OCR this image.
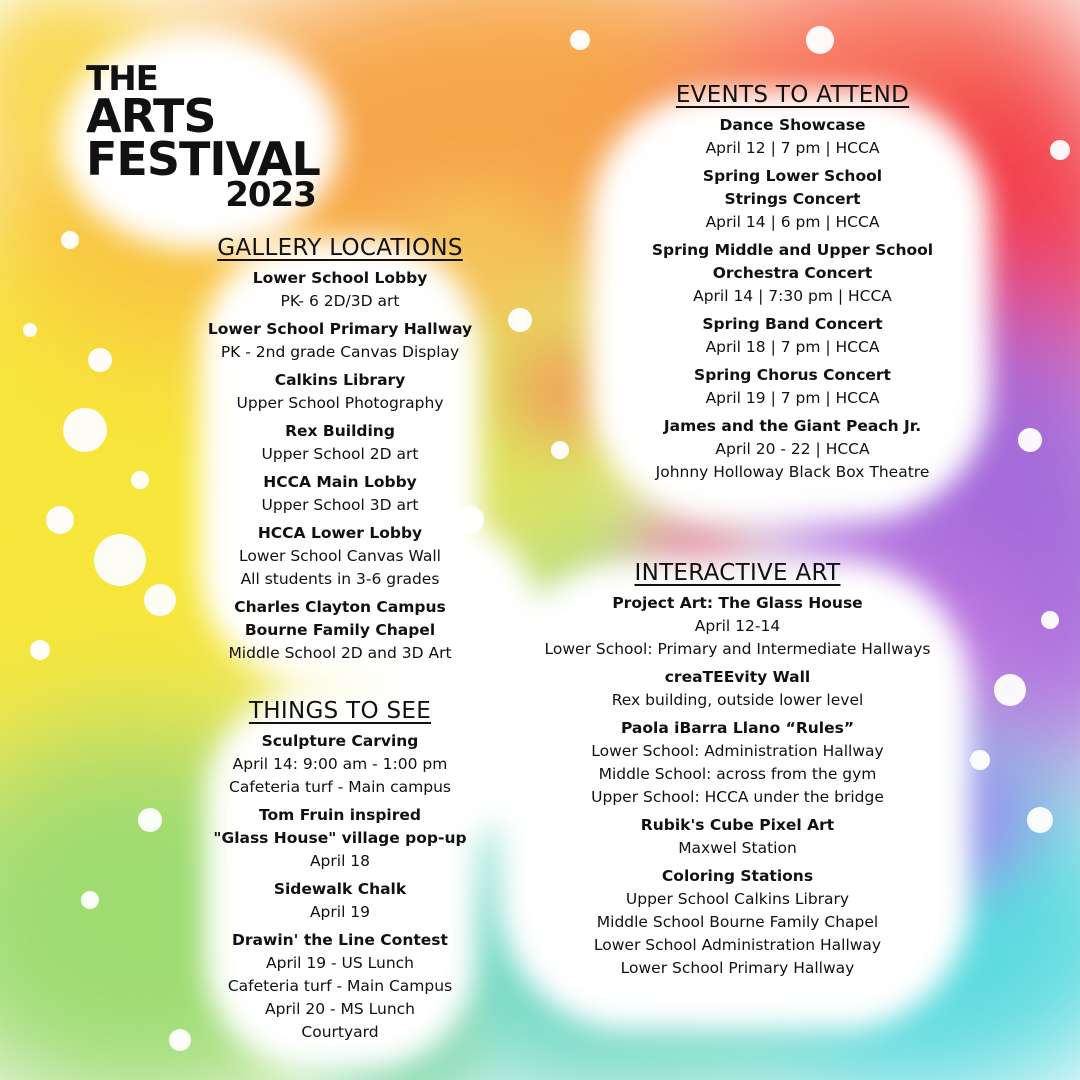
THE
ARTS
FESTIVAL
2023
GALLERY LOCATIONS
Lower School Lobby
PK- 6 2D/3D art
Lower School Primary Hallway
PK - 2nd grade Canvas Display
Calkins Library
Upper School Photography
Rex Building
Upper School 2D art
HCCA Main Lobby
Upper School 3D art
HCCA Lower Lobby
Lower School Canvas Wall
All students in 3-6 grades
Charles Clayton Campus
Bourne Family Chapel
Middle School 2D and 3D Art
THINGS TO SEE
Sculpture Carving
April 14: 9:00 am - 1:00 pm
Cafeteria turf - Main campus
Tom Fruin inspired
"Glass House" village pop-up
April 18
Sidewalk Chalk
April 19
Drawin' the Line Contest
April 19 - US Lunch
Cafeteria turf - Main Campus
April 20 - MS Lunch
Courtyard
EVENTS TO ATTEND
Dance Showcase
April 12 | 7 pm | HCCA
Spring Lower School
Strings Concert
April 14 | 6 pm | HCCA
Spring Middle and Upper School
Orchestra Concert
April 14 | 7:30 pm | HCCA
Spring Band Concert
April 18 | 7 pm | HCCA
Spring Chorus Concert
April 19 | 7 pm | HCCA
James and the Giant Peach Jr.
April 20 - 22 | HCCA
Johnny Holloway Black Box Theatre
INTERACTIVE ART
Project Art: The Glass House
April 12-14
Lower School: Primary and Intermediate Hallways
creaTEEvity Wall
Rex building, outside lower level
Paola iBarra Llano “Rules”
Lower School: Administration Hallway
Middle School: across from the gym
Upper School: HCCA under the bridge
Rubik's Cube Pixel Art
Maxwel Station
Coloring Stations
Upper School Calkins Library
Middle School Bourne Family Chapel
Lower School Administration Hallway
Lower School Primary Hallway
